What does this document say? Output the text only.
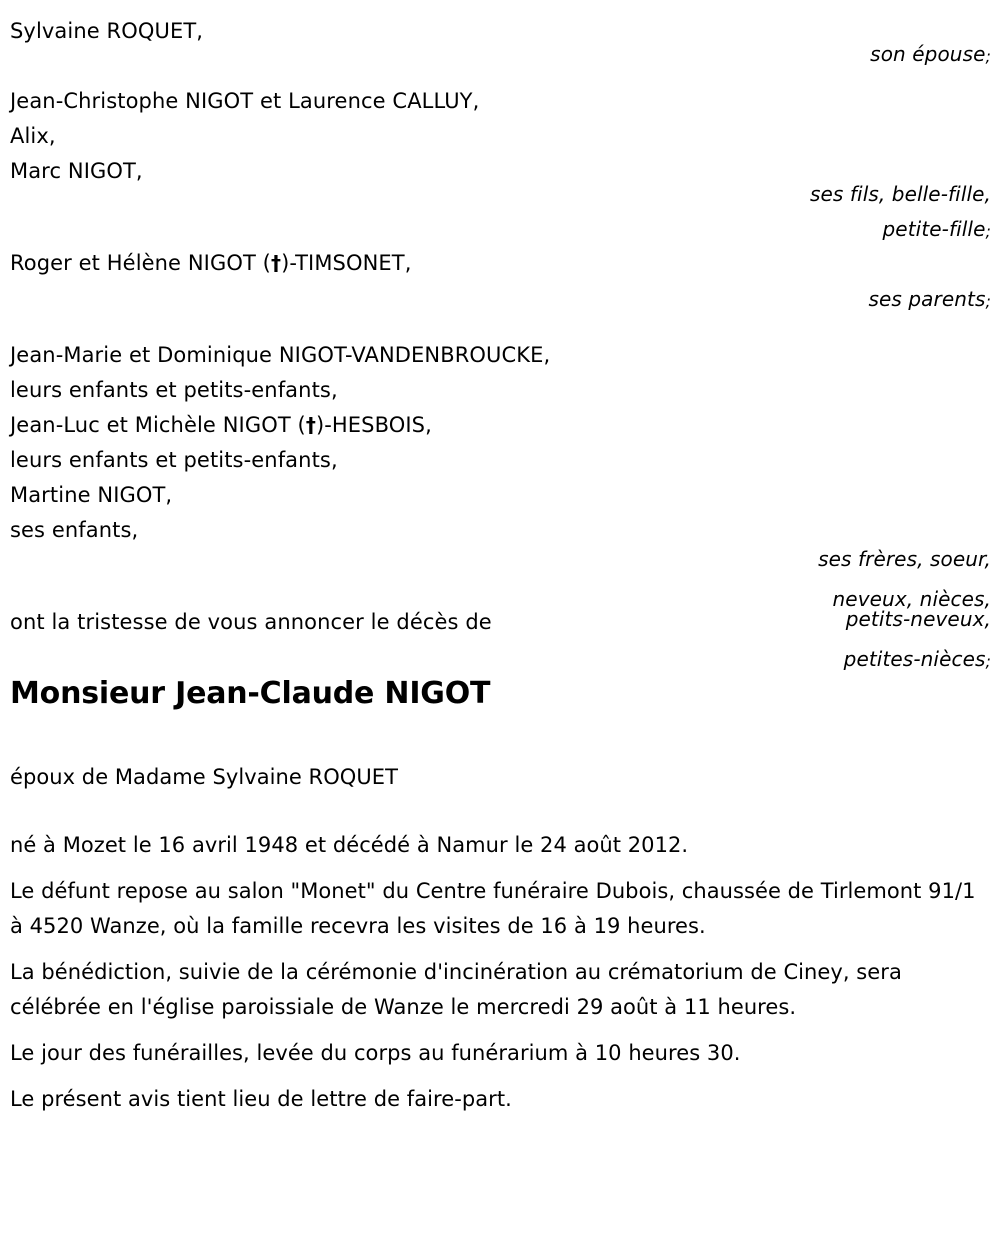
Sylvaine ROQUET,
Jean-Christophe NIGOT et Laurence CALLUY,
Alix,
Marc NIGOT,
Roger et Hélène NIGOT (†)-TIMSONET,
Jean-Marie et Dominique NIGOT-VANDENBROUCKE,
leurs enfants et petits-enfants,
Jean-Luc et Michèle NIGOT (†)-HESBOIS,
leurs enfants et petits-enfants,
Martine NIGOT,
ses enfants,
ont la tristesse de vous annoncer le décès de
son épouse;
ses fils, belle-fille,
petite-fille;
ses parents;
ses frères, soeur,
neveux, nièces,
petits-neveux,
petites-nièces;
Monsieur Jean-Claude NIGOT

époux de Madame Sylvaine ROQUET

né à Mozet le 16 avril 1948 et décédé à Namur le 24 août 2012.

Le défunt repose au salon "Monet" du Centre funéraire Dubois, chaussée de Tirlemont 91/1 à 4520 Wanze, où la famille recevra les visites de 16 à 19 heures.

La bénédiction, suivie de la cérémonie d'incinération au crématorium de Ciney, sera célébrée en l'église paroissiale de Wanze le mercredi 29 août à 11 heures.

Le jour des funérailles, levée du corps au funérarium à 10 heures 30.

Le présent avis tient lieu de lettre de faire-part.
